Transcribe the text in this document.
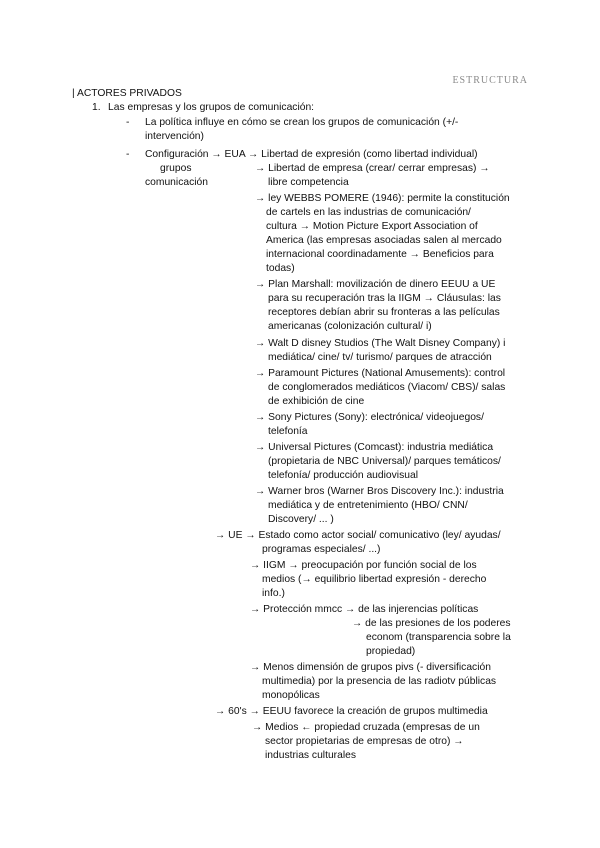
ESTRUCTURA
| ACTORES PRIVADOS
1. Las empresas y los grupos de comunicación:
- La política influye en cómo se crean los grupos de comunicación (+/-
intervención)
- Configuración → EUA → Libertad de expresión (como libertad individual)
grupos	→ Libertad de empresa (crear/ cerrar empresas) →
comunicación	libre competencia
→ ley WEBBS POMERE (1946): permite la constitución
de cartels en las industrias de comunicación/
cultura → Motion Picture Export Association of
America (las empresas asociadas salen al mercado
internacional coordinadamente → Beneficios para
todas)
→ Plan Marshall: movilización de dinero EEUU a UE
para su recuperación tras la IIGM → Cláusulas: las
receptores debían abrir su fronteras a las películas
americanas (colonización cultural/ i)
→ Walt D disney Studios (The Walt Disney Company) i
mediática/ cine/ tv/ turismo/ parques de atracción
→ Paramount Pictures (National Amusements): control
de conglomerados mediáticos (Viacom/ CBS)/ salas
de exhibición de cine
→ Sony Pictures (Sony): electrónica/ videojuegos/
telefonía
→ Universal Pictures (Comcast): industria mediática
(propietaria de NBC Universal)/ parques temáticos/
telefonía/ producción audiovisual
→ Warner bros (Warner Bros Discovery Inc.): industria
mediática y de entretenimiento (HBO/ CNN/
Discovery/ ... )
→ UE → Estado como actor social/ comunicativo (ley/ ayudas/
programas especiales/ ...)
→ IIGM → preocupación por función social de los
medios (→ equilibrio libertad expresión - derecho
info.)
→ Protección mmcc → de las injerencias políticas
→ de las presiones de los poderes
econom (transparencia sobre la
propiedad)
→ Menos dimensión de grupos pivs (- diversificación
multimedia) por la presencia de las radiotv públicas
monopólicas
→ 60's → EEUU favorece la creación de grupos multimedia
→ Medios ← propiedad cruzada (empresas de un
sector propietarias de empresas de otro) →
industrias culturales
